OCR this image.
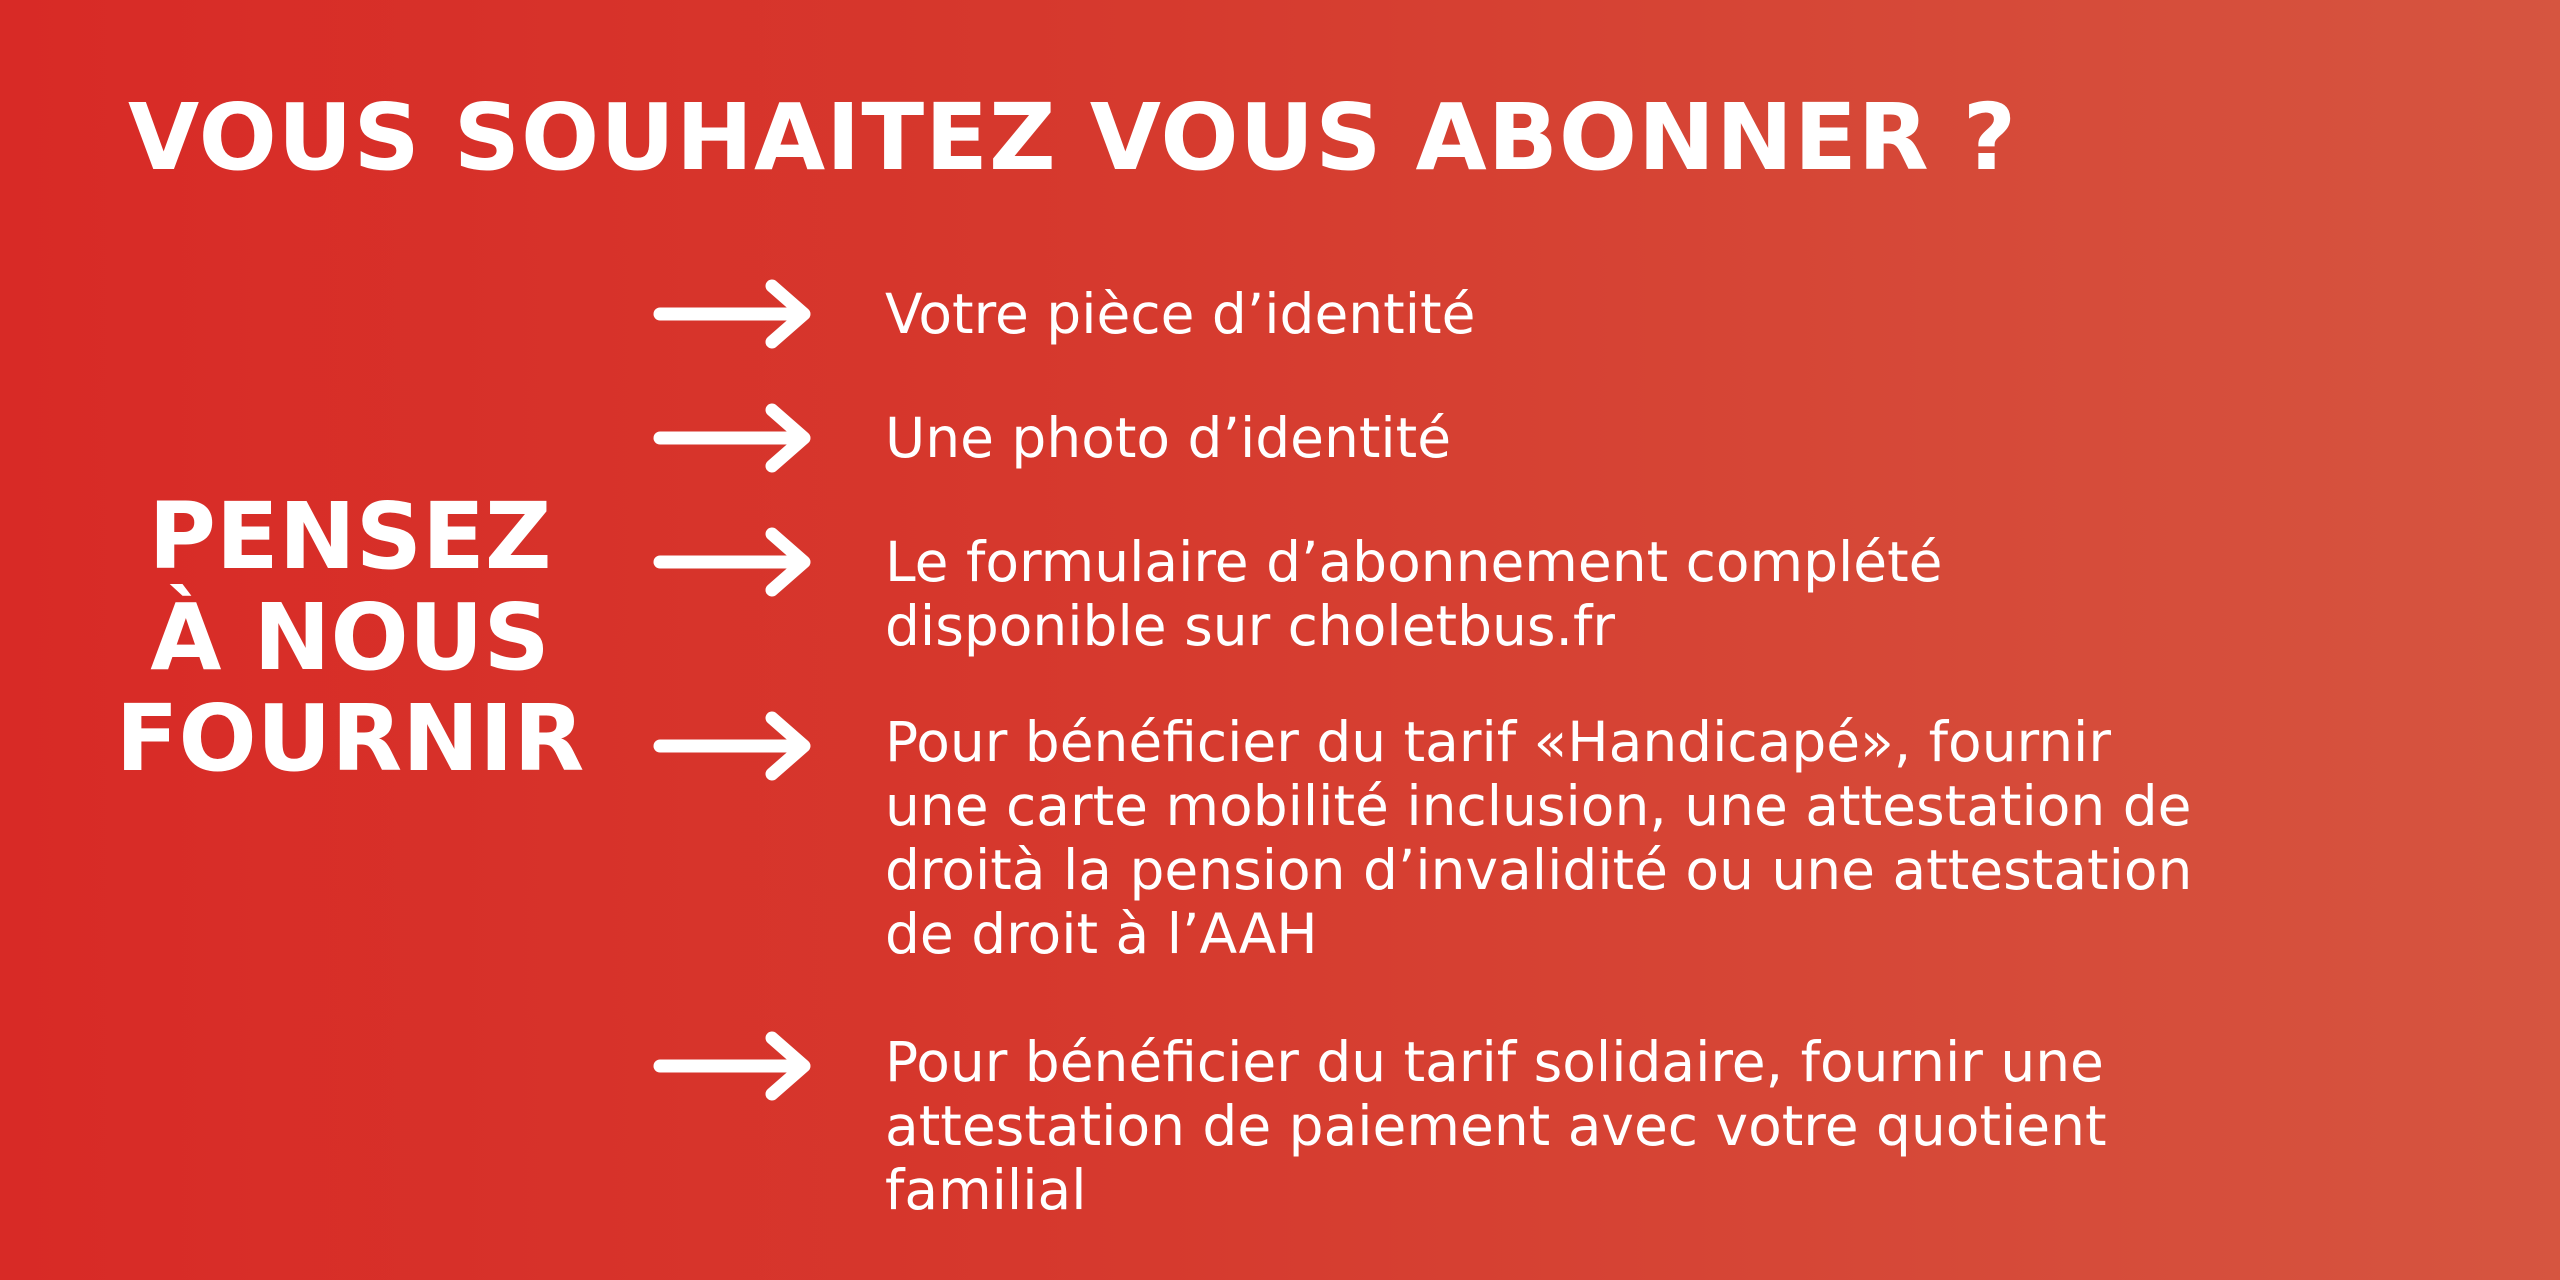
VOUS SOUHAITEZ VOUS ABONNER ?
PENSEZ
À NOUS
FOURNIR
Votre pièce d’identité
Une photo d’identité
Le formulaire d’abonnement complété
disponible sur choletbus.fr
Pour bénéficier du tarif «Handicapé», fournir
une carte mobilité inclusion, une attestation de
droità la pension d’invalidité ou une attestation
de droit à l’AAH
Pour bénéficier du tarif solidaire, fournir une
attestation de paiement avec votre quotient
familial
